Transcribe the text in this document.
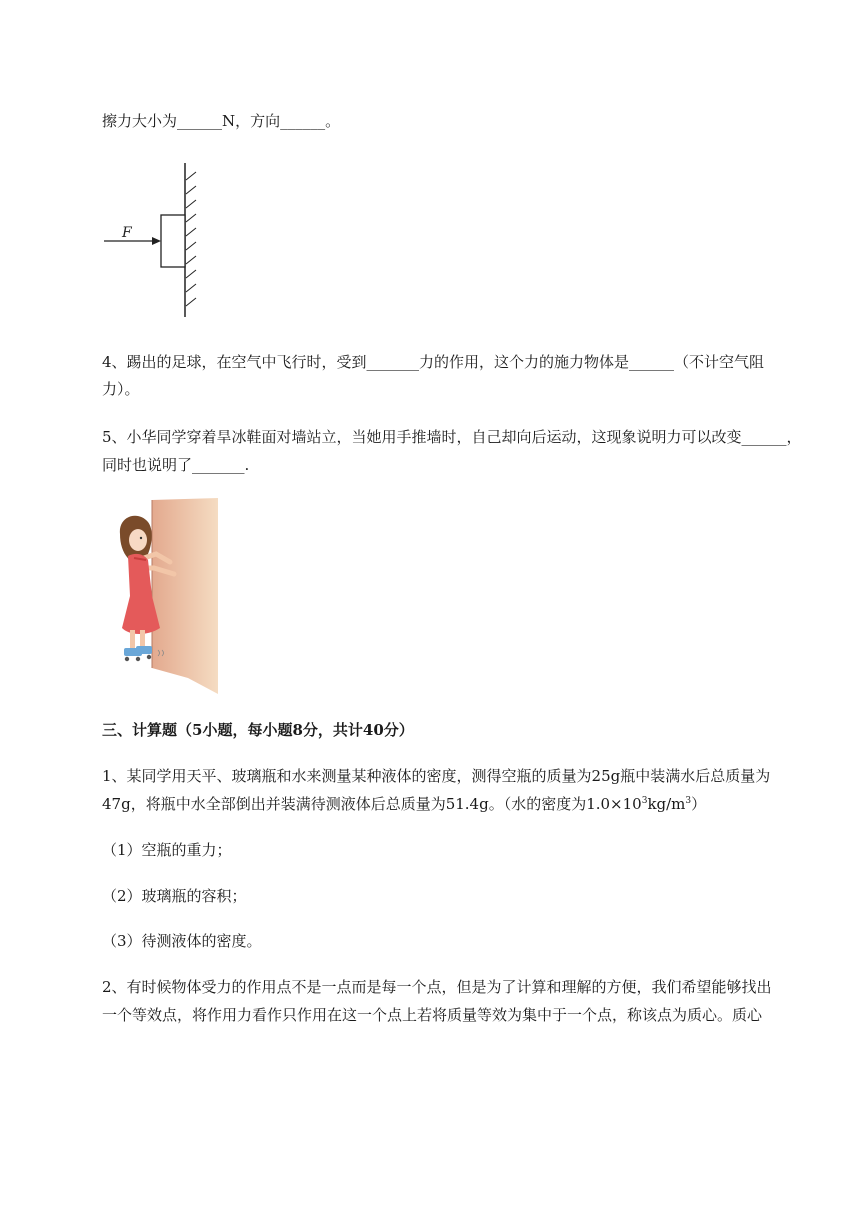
擦力大小为______N，方向______。
F
4、踢出的足球，在空气中飞行时，受到_______力的作用，这个力的施力物体是______（不计空气阻
力）。
5、小华同学穿着旱冰鞋面对墙站立，当她用手推墙时，自己却向后运动，这现象说明力可以改变______，
同时也说明了_______.
三、计算题（5小题，每小题8分，共计40分）
1、某同学用天平、玻璃瓶和水来测量某种液体的密度，测得空瓶的质量为25g瓶中装满水后总质量为
47g，将瓶中水全部倒出并装满待测液体后总质量为51.4g。（水的密度为$1.0\times 10^3kg/m^3$）
（1）空瓶的重力；
（2）玻璃瓶的容积；
（3）待测液体的密度。
2、有时候物体受力的作用点不是一点而是每一个点，但是为了计算和理解的方便，我们希望能够找出
一个等效点，将作用力看作只作用在这一个点上若将质量等效为集中于一个点，称该点为质心。质心
